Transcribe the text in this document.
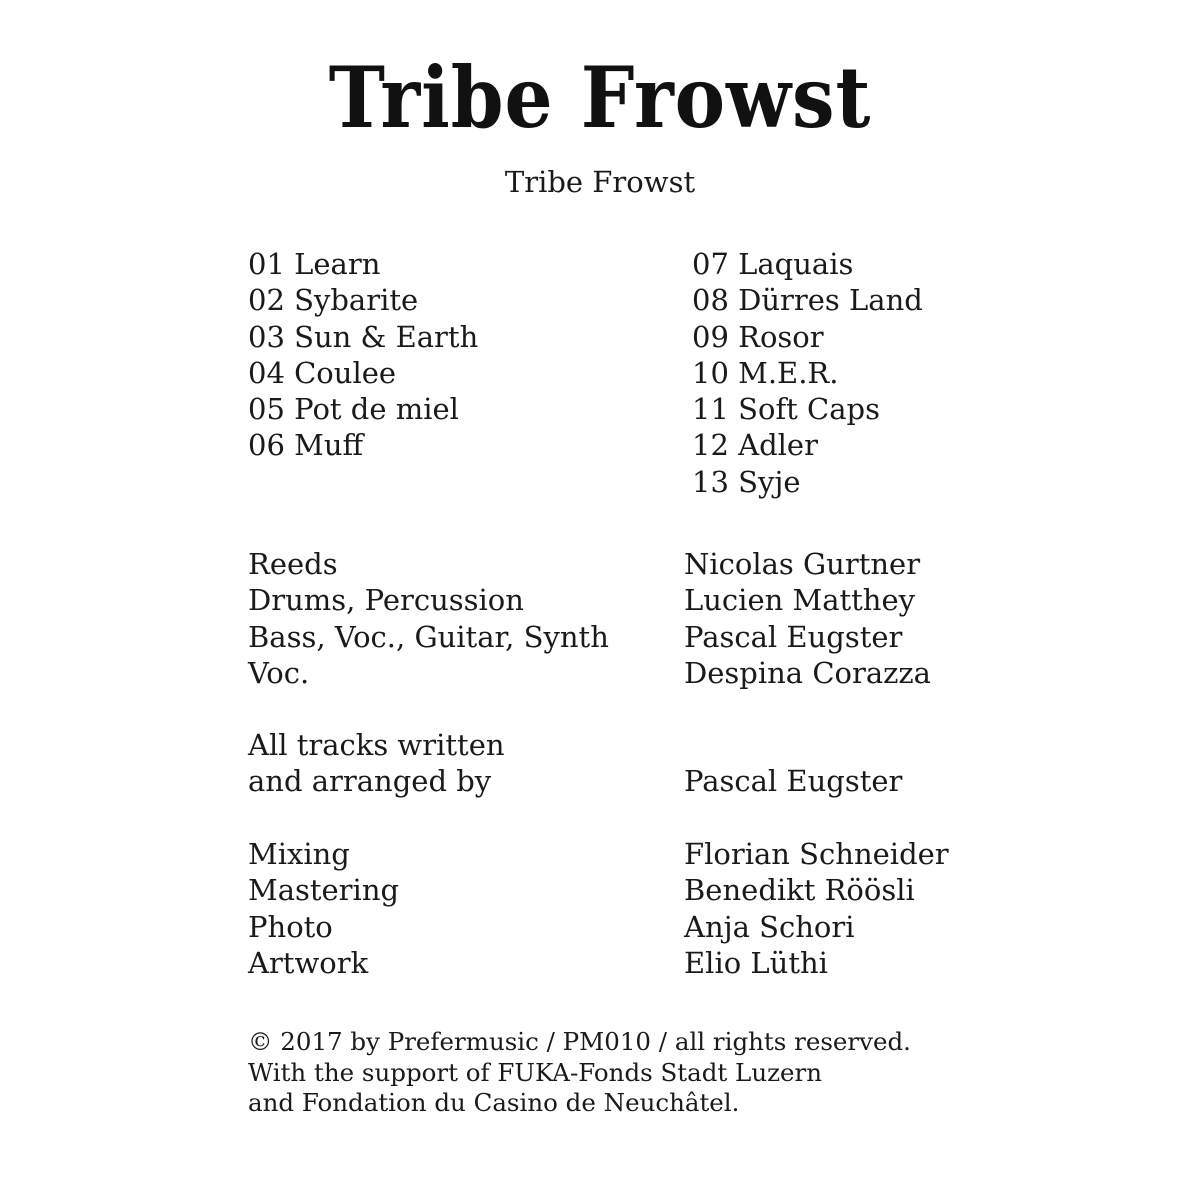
Tribe Frowst
Tribe Frowst
01 Learn
02 Sybarite
03 Sun & Earth
04 Coulee
05 Pot de miel
06 Muff
07 Laquais
08 Dürres Land
09 Rosor
10 M.E.R.
11 Soft Caps
12 Adler
13 Syje
Reeds
Drums, Percussion
Bass, Voc., Guitar, Synth
Voc.
Nicolas Gurtner
Lucien Matthey
Pascal Eugster
Despina Corazza
All tracks written
and arranged by	Pascal Eugster
Mixing
Mastering
Photo
Artwork
Florian Schneider
Benedikt Röösli
Anja Schori
Elio Lüthi
© 2017 by Prefermusic / PM010 / all rights reserved.
With the support of FUKA-Fonds Stadt Luzern
and Fondation du Casino de Neuchâtel.
